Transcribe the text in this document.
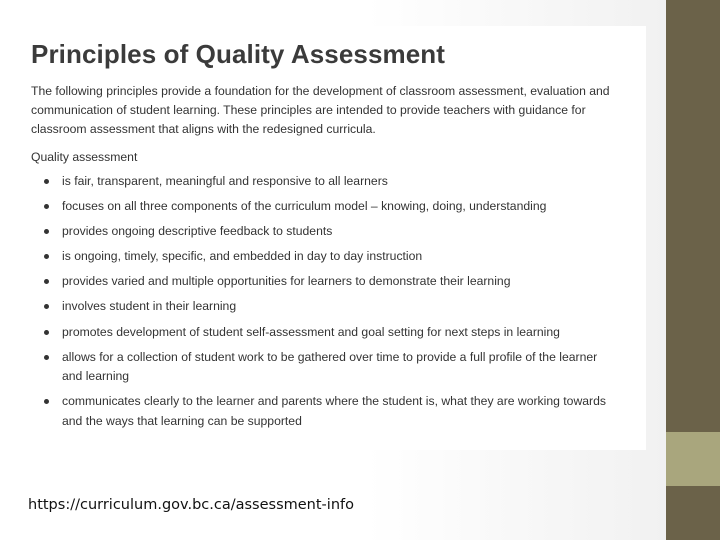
Principles of Quality Assessment

The following principles provide a foundation for the development of classroom assessment, evaluation and
communication of student learning. These principles are intended to provide teachers with guidance for
classroom assessment that aligns with the redesigned curricula.

Quality assessment
is fair, transparent, meaningful and responsive to all learners
focuses on all three components of the curriculum model – knowing, doing, understanding
provides ongoing descriptive feedback to students
is ongoing, timely, specific, and embedded in day to day instruction
provides varied and multiple opportunities for learners to demonstrate their learning
involves student in their learning
promotes development of student self-assessment and goal setting for next steps in learning
allows for a collection of student work to be gathered over time to provide a full profile of the learner
and learning
communicates clearly to the learner and parents where the student is, what they are working towards
and the ways that learning can be supported
https://curriculum.gov.bc.ca/assessment-info
